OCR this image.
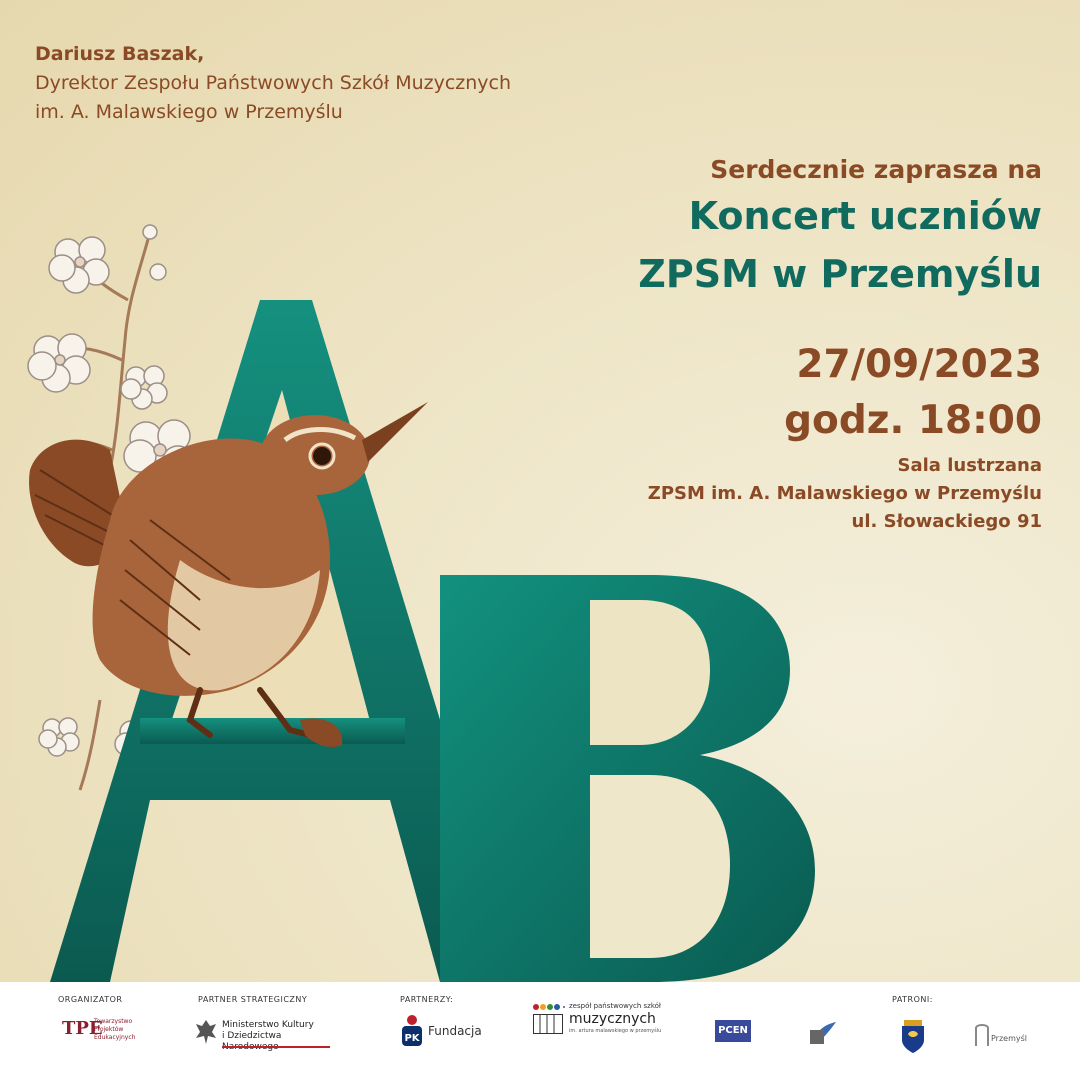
Dariusz Baszak,
Dyrektor Zespołu Państwowych Szkół Muzycznych
im. A. Malawskiego w Przemyślu
Serdecznie zaprasza na
Koncert uczniów
ZPSM w Przemyślu
27/09/2023
godz. 18:00
Sala lustrzana
ZPSM im. A. Malawskiego w Przemyślu
ul. Słowackiego 91
ORGANIZATOR	PARTNER STRATEGICZNY	PARTNERZY:	PATRONI:
TPE
Towarzystwo Projektów Edukacyjnych
Ministerstwo Kultury
i Dziedzictwa	PK
Fundacja
zespół państwowych szkół
muzycznych
im. artura malawskiego w przemyślu	PCEN
Przemyśl
